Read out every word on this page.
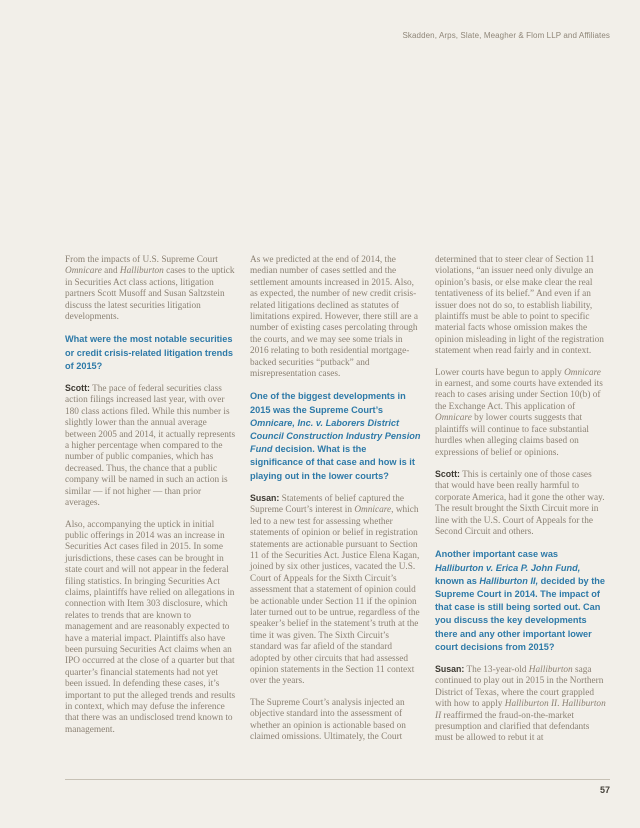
Skadden, Arps, Slate, Meagher & Flom LLP and Affiliates

From the impacts of U.S. Supreme Court Omnicare and Halliburton cases to the uptick in Securities Act class actions, litigation partners Scott Musoff and Susan Saltzstein discuss the latest securities litigation developments.

What were the most notable securities or credit crisis-related litigation trends of 2015?

Scott: The pace of federal securities class action filings increased last year, with over 180 class actions filed. While this number is slightly lower than the annual average between 2005 and 2014, it actually represents a higher percentage when compared to the number of public companies, which has decreased. Thus, the chance that a public company will be named in such an action is similar — if not higher — than prior averages.

Also, accompanying the uptick in initial public offerings in 2014 was an increase in Securities Act cases filed in 2015. In some jurisdictions, these cases can be brought in state court and will not appear in the federal filing statistics. In bringing Securities Act claims, plaintiffs have relied on allegations in connection with Item 303 disclosure, which relates to trends that are known to management and are reasonably expected to have a material impact. Plaintiffs also have been pursuing Securities Act claims when an IPO occurred at the close of a quarter but that quarter’s financial statements had not yet been issued. In defending these cases, it’s important to put the alleged trends and results in context, which may defuse the inference that there was an undisclosed trend known to management.

As we predicted at the end of 2014, the median number of cases settled and the settlement amounts increased in 2015. Also, as expected, the number of new credit crisis-related litigations declined as statutes of limitations expired. However, there still are a number of existing cases percolating through the courts, and we may see some trials in 2016 relating to both residential mortgage-backed securities “putback” and misrepresentation cases.

One of the biggest developments in 2015 was the Supreme Court’s Omnicare, Inc. v. Laborers District Council Construction Industry Pension Fund decision. What is the significance of that case and how is it playing out in the lower courts?

Susan: Statements of belief captured the Supreme Court’s interest in Omnicare, which led to a new test for assessing whether statements of opinion or belief in registration statements are actionable pursuant to Section 11 of the Securities Act. Justice Elena Kagan, joined by six other justices, vacated the U.S. Court of Appeals for the Sixth Circuit’s assessment that a statement of opinion could be actionable under Section 11 if the opinion later turned out to be untrue, regardless of the speaker’s belief in the statement’s truth at the time it was given. The Sixth Circuit’s standard was far afield of the standard adopted by other circuits that had assessed opinion statements in the Section 11 context over the years.

The Supreme Court’s analysis injected an objective standard into the assessment of whether an opinion is actionable based on claimed omissions. Ultimately, the Court

determined that to steer clear of Section 11 violations, “an issuer need only divulge an opinion’s basis, or else make clear the real tentativeness of its belief.” And even if an issuer does not do so, to establish liability, plaintiffs must be able to point to specific material facts whose omission makes the opinion misleading in light of the registration statement when read fairly and in context.

Lower courts have begun to apply Omnicare in earnest, and some courts have extended its reach to cases arising under Section 10(b) of the Exchange Act. This application of Omnicare by lower courts suggests that plaintiffs will continue to face substantial hurdles when alleging claims based on expressions of belief or opinions.

Scott: This is certainly one of those cases that would have been really harmful to corporate America, had it gone the other way. The result brought the Sixth Circuit more in line with the U.S. Court of Appeals for the Second Circuit and others.

Another important case was Halliburton v. Erica P. John Fund, known as Halliburton II, decided by the Supreme Court in 2014. The impact of that case is still being sorted out. Can you discuss the key developments there and any other important lower court decisions from 2015?

Susan: The 13-year-old Halliburton saga continued to play out in 2015 in the Northern District of Texas, where the court grappled with how to apply Halliburton II. Halliburton II reaffirmed the fraud-on-the-market presumption and clarified that defendants must be allowed to rebut it at

57
